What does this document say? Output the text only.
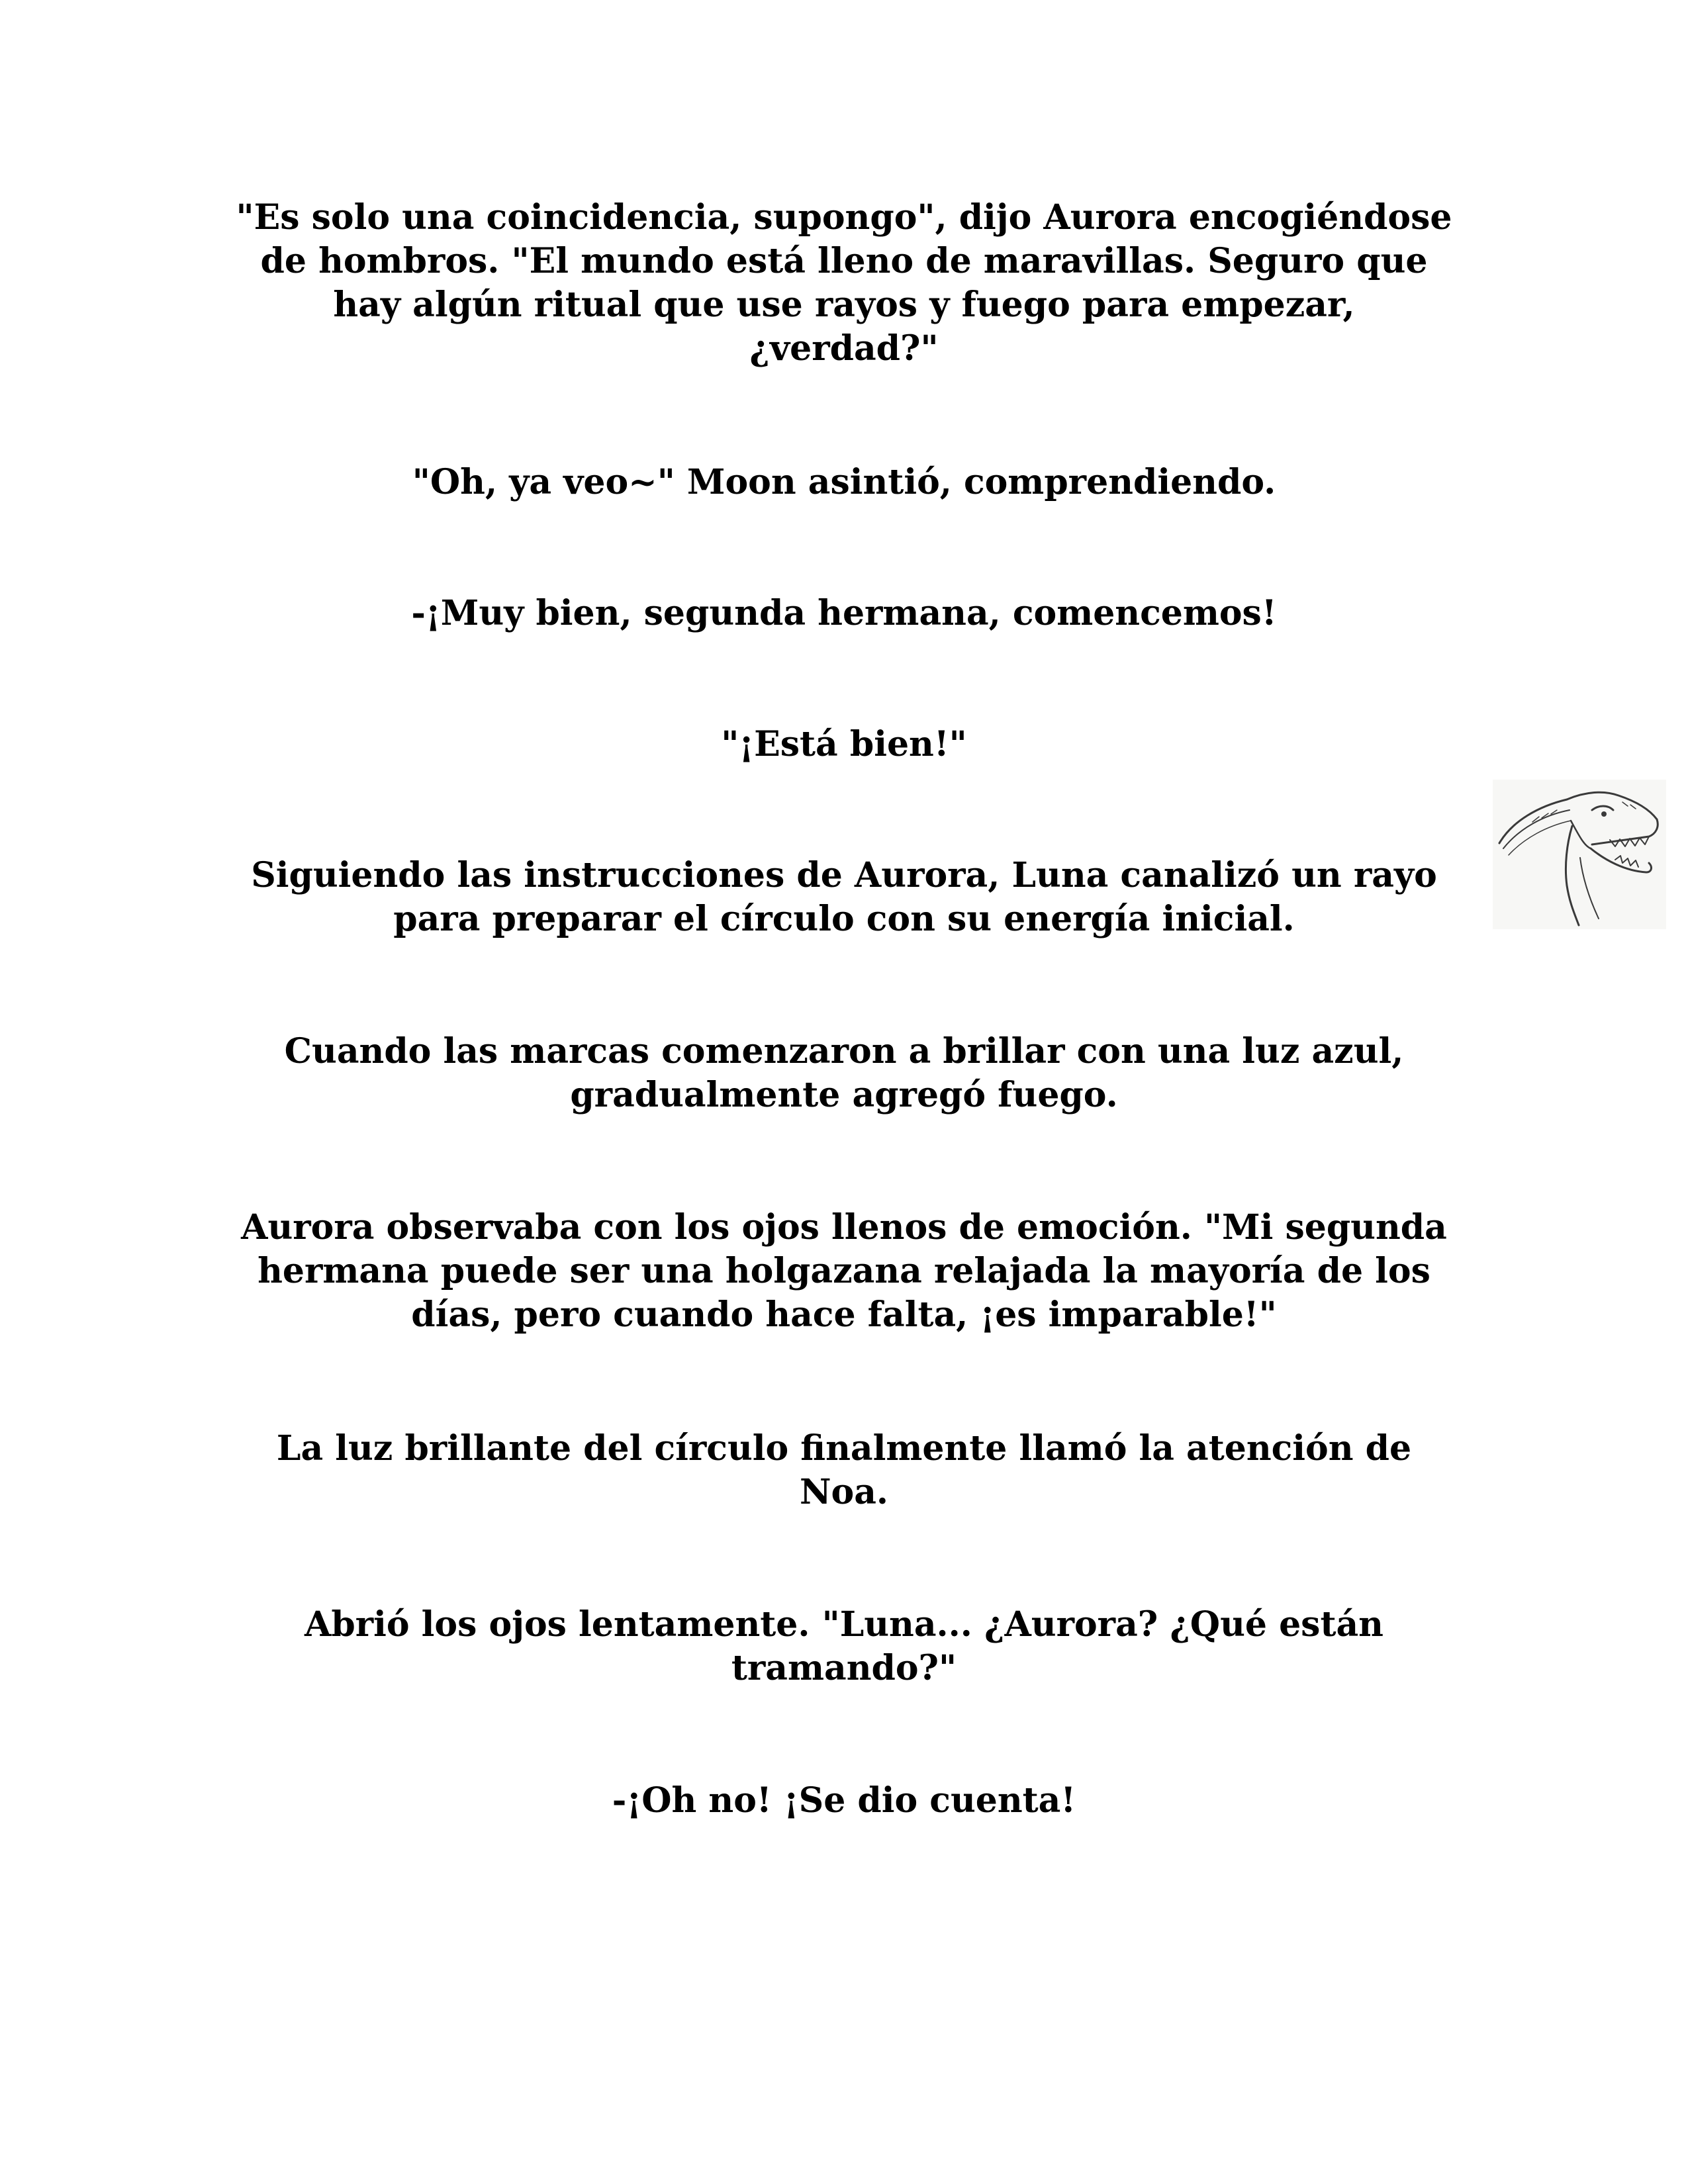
"Es solo una coincidencia, supongo", dijo Aurora encogiéndose
de hombros. "El mundo está lleno de maravillas. Seguro que
hay algún ritual que use rayos y fuego para empezar,
¿verdad?"

"Oh, ya veo~" Moon asintió, comprendiendo.

-¡Muy bien, segunda hermana, comencemos!

"¡Está bien!"

Siguiendo las instrucciones de Aurora, Luna canalizó un rayo
para preparar el círculo con su energía inicial.

Cuando las marcas comenzaron a brillar con una luz azul,
gradualmente agregó fuego.

Aurora observaba con los ojos llenos de emoción. "Mi segunda
hermana puede ser una holgazana relajada la mayoría de los
días, pero cuando hace falta, ¡es imparable!"

La luz brillante del círculo finalmente llamó la atención de
Noa.

Abrió los ojos lentamente. "Luna... ¿Aurora? ¿Qué están
tramando?"

-¡Oh no! ¡Se dio cuenta!
